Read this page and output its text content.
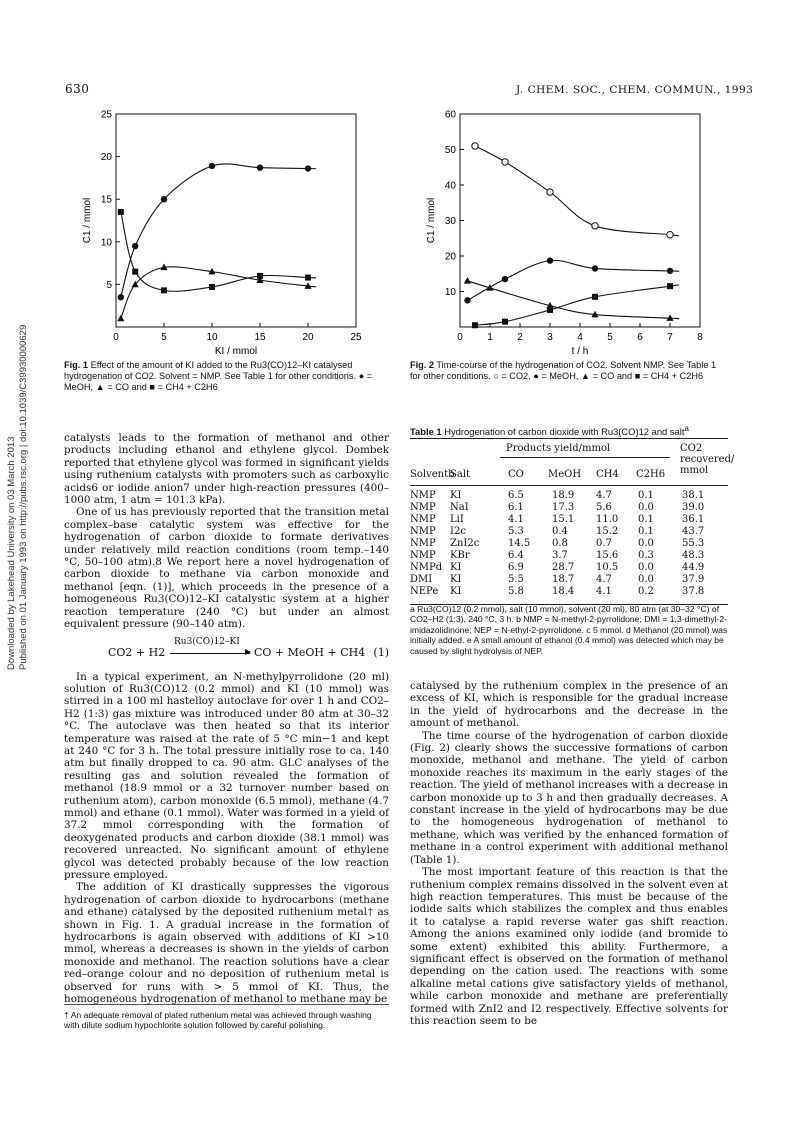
630	J. CHEM. SOC., CHEM. COMMUN., 1993
Downloaded by Lakehead University on 03 March 2013 Published on 01 January 1993 on http://pubs.rsc.org | doi:10.1039/C39930000629	0	5	10	15	20	25
5
10
15
20
25
KI / mmol
C1 / mmol
Fig. 1 Effect of the amount of KI added to the Ru3(CO)12–KI catalysed hydrogenation of CO2. Solvent = NMP. See Table 1 for other conditions. ● = MeOH, ▲ = CO and ■ = CH4 + C2H6
0 1 2 3 4 5 6 7 8
10
20
30
40
50
60
t / h
C1 / mmol
Fig. 2 Time-course of the hydrogenation of CO2. Solvent NMP. See Table 1 for other conditions. ○ = CO2, ● = MeOH, ▲ = CO and ■ = CH4 + C2H6

catalysts leads to the formation of methanol and other products including ethanol and ethylene glycol. Dombek reported that ethylene glycol was formed in significant yields using ruthenium catalysts with promoters such as carboxylic acids6 or iodide anion7 under high-reaction pressures (400–1000 atm, 1 atm = 101.3 kPa).

One of us has previously reported that the transition metal complex–base catalytic system was effective for the hydrogenation of carbon dioxide to formate derivatives under relatively mild reaction conditions (room temp.–140 °C, 50–100 atm).8 We report here a novel hydrogenation of carbon dioxide to methane via carbon monoxide and methanol [eqn. (1)], which proceeds in the presence of a homogeneous Ru3(CO)12–KI catalystic system at a higher reaction temperature (240 °C) but under an almost equivalent pressure (90–140 atm).

CO2 + H2
Ru3(CO)12–KI
CO + MeOH + CH4 (1)

In a typical experiment, an N-methylpyrrolidone (20 ml) solution of Ru3(CO)12 (0.2 mmol) and KI (10 mmol) was stirred in a 100 ml hastelloy autoclave for over 1 h and CO2–H2 (1:3) gas mixture was introduced under 80 atm at 30–32 °C. The autoclave was then heated so that its interior temperature was raised at the rate of 5 °C min−1 and kept at 240 °C for 3 h. The total pressure initially rose to ca. 140 atm but finally dropped to ca. 90 atm. GLC analyses of the resulting gas and solution revealed the formation of methanol (18.9 mmol or a 32 turnover number based on ruthenium atom), carbon monoxide (6.5 mmol), methane (4.7 mmol) and ethane (0.1 mmol). Water was formed in a yield of 37.2 mmol corresponding with the formation of deoxygenated products and carbon dioxide (38.1 mmol) was recovered unreacted. No significant amount of ethylene glycol was detected probably because of the low reaction pressure employed.

The addition of KI drastically suppresses the vigorous hydrogenation of carbon dioxide to hydrocarbons (methane and ethane) catalysed by the deposited ruthenium metal† as shown in Fig. 1. A gradual increase in the formation of hydrocarbons is again observed with additions of KI >10 mmol, whereas a decreases is shown in the yields of carbon monoxide and methanol. The reaction solutions have a clear red–orange colour and no deposition of ruthenium metal is observed for runs with > 5 mmol of KI. Thus, the homogeneous hydrogenation of methanol to methane may be

† An adequate removal of plated ruthenium metal was achieved through washing with dilute sodium hypochlorite solution followed by careful polishing.
Table 1 Hydrogenation of carbon dioxide with Ru3(CO)12 and salt$^a$
Products yield/mmol	CO2 recovered/ mmol
Solventb
Salt	CO MeOH CH4 C2H6
NMP KI	6.5	18.9 4.7	0.1	38.1
NMP NaI	6.1	17.3 5.6	0.0	39.0
NMP LiI	4.1	15.1 11.0 0.1	36.1
NMP I2c	5.3	0.4	15.2 0.1	43.7
NMP ZnI2c	14.5 0.8	0.7	0.0	55.3
NMP KBr	6.4	3.7	15.6 0.3	48.3
NMPd KI	6.9	28.7 10.5 0.0	44.9
DMI KI	5.5	18.7 4.7	0.0	37.9
NEPe KI	5.8	18.4 4.1	0.2	37.8
a Ru3(CO)12 (0.2 mmol), salt (10 mmol), solvent (20 ml), 80 atm (at 30–32 °C) of CO2–H2 (1:3), 240 °C, 3 h. b NMP = N-methyl-2-pyrrolidone; DMI = 1,3-dimethyl-2-imidazolidinone; NEP = N-ethyl-2-pyrrolidone. c 5 mmol. d Methanol (20 mmol) was initially added. e A small amount of ethanol (0.4 mmol) was detected which may be caused by slight hydrolysis of NEP.

catalysed by the ruthenium complex in the presence of an excess of KI, which is responsible for the gradual increase in the yield of hydrocarbons and the decrease in the amount of methanol.

The time course of the hydrogenation of carbon dioxide (Fig. 2) clearly shows the successive formations of carbon monoxide, methanol and methane. The yield of carbon monoxide reaches its maximum in the early stages of the reaction. The yield of methanol increases with a decrease in carbon monoxide up to 3 h and then gradually decreases. A constant increase in the yield of hydrocarbons may be due to the homogeneous hydrogenation of methanol to methane, which was verified by the enhanced formation of methane in a control experiment with additional methanol (Table 1).

The most important feature of this reaction is that the ruthenium complex remains dissolved in the solvent even at high reaction temperatures. This must be because of the iodide salts which stabilizes the complex and thus enables it to catalyse a rapid reverse water gas shift reaction. Among the anions examined only iodide (and bromide to some extent) exhibited this ability. Furthermore, a significant effect is observed on the formation of methanol depending on the cation used. The reactions with some alkaline metal cations give satisfactory yields of methanol, while carbon monoxide and methane are preferentially formed with ZnI2 and I2 respectively. Effective solvents for this reaction seem to be
